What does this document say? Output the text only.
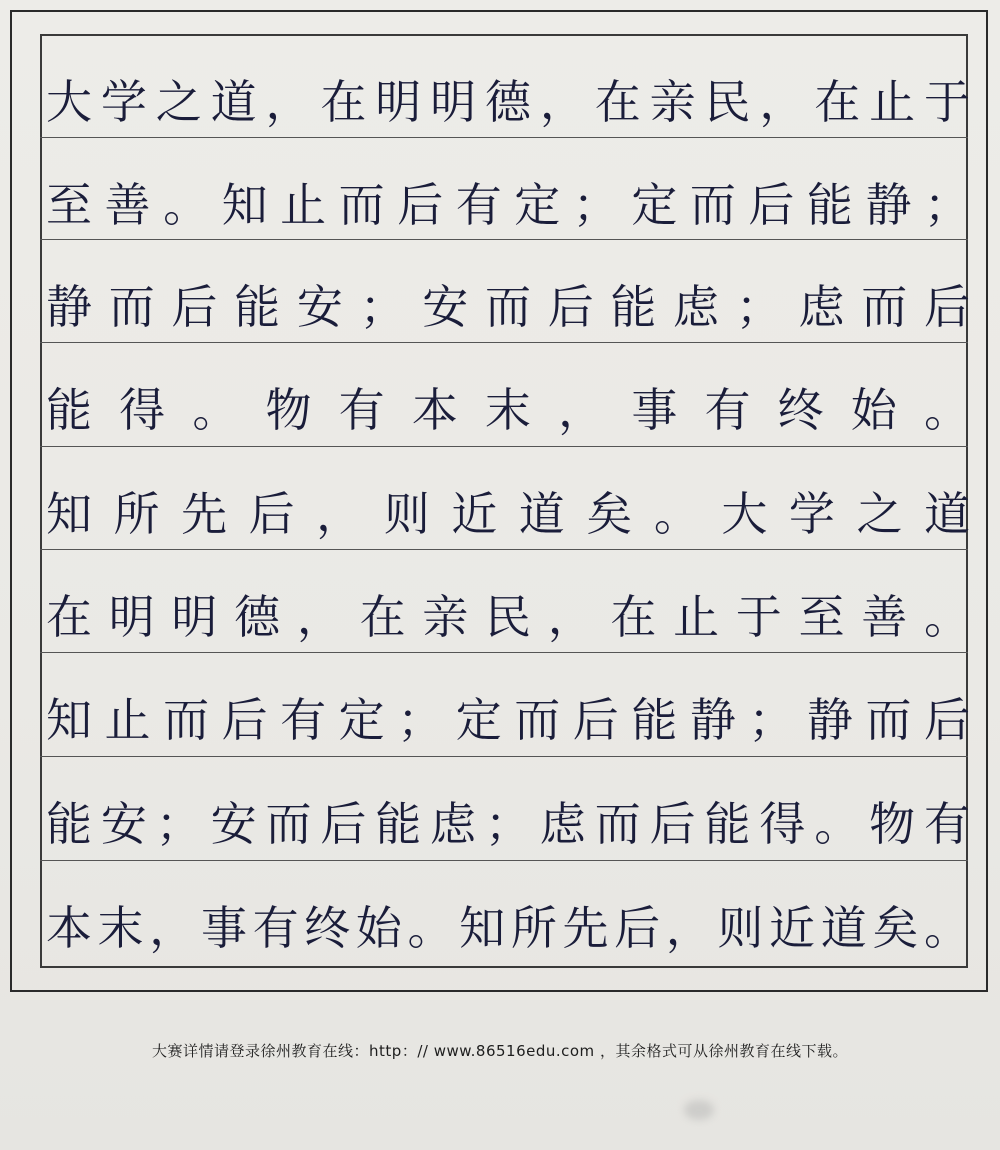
大学之道，在明明德，在亲民，在止于
至善。知止而后有定；定而后能静；
静而后能安；安而后能虑；虑而后
能得。物有本末，事有终始。
知所先后，则近道矣。大学之道
在明明德，在亲民，在止于至善。
知止而后有定；定而后能静；静而后
能安；安而后能虑；虑而后能得。物有
本末，事有终始。知所先后，则近道矣。
大赛详情请登录徐州教育在线：http：// www.86516edu.com ，其余格式可从徐州教育在线下载。
